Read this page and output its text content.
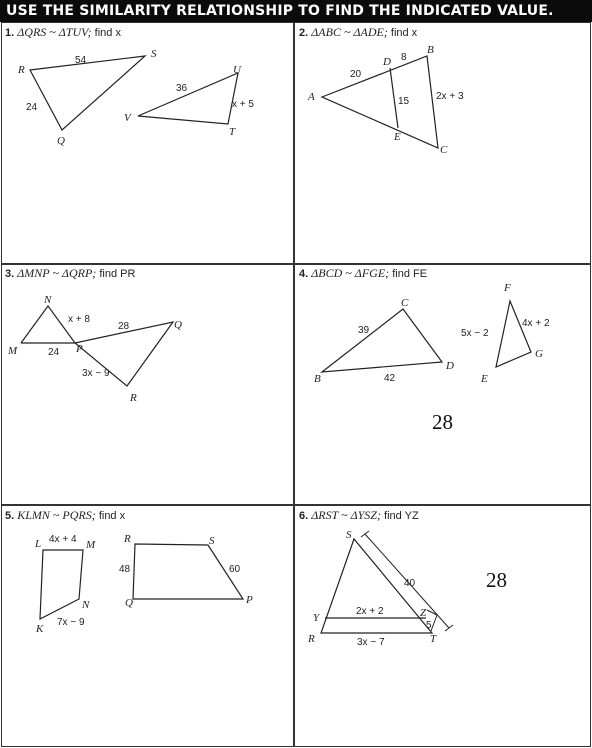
USE THE SIMILARITY RELATIONSHIP TO FIND THE INDICATED VALUE.
1. ΔQRS ~ ΔTUV; find x
R
S
Q
U
V
T
54
24
36
x + 5
2. ΔABC ~ ΔADE; find x
B
D
A
E
C
8
20
15	2x + 3
3. ΔMNP ~ ΔQRP; find PR
N
M	P
Q
R
x + 8
28
24
3x − 9
4. ΔBCD ~ ΔFGE; find FE
C
B
D
F
G
E
39
42
5x − 2
4x + 2
28
5. KLMN ~ PQRS; find x
L	M
N
K
R	S
Q	P
4x + 4
7x − 9
48	60
6. ΔRST ~ ΔYSZ; find YZ
S
Y	Z
R	T
40
2x + 2
5
3x − 7
28
